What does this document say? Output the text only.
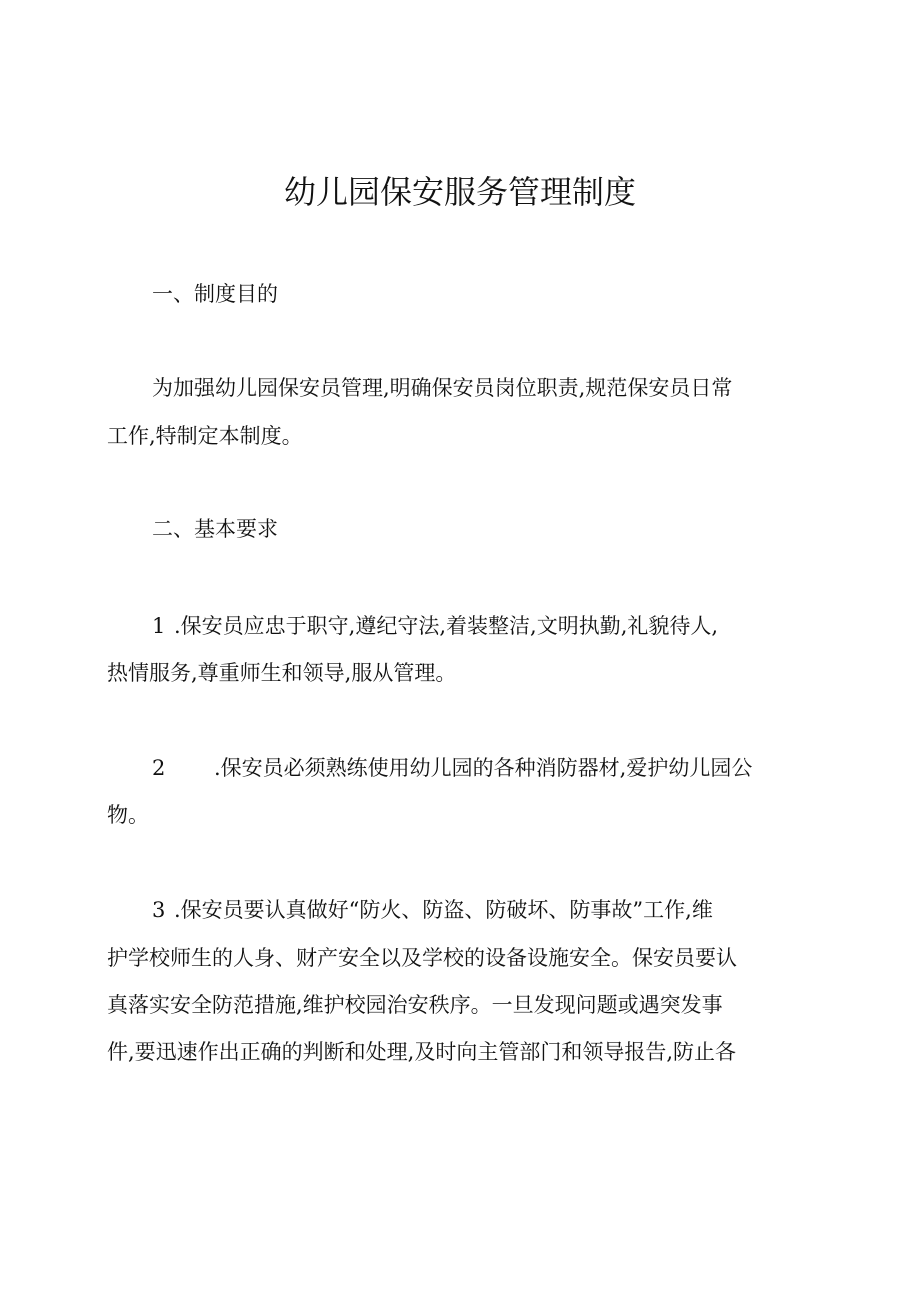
幼儿园保安服务管理制度
一、制度目的
为加强幼儿园保安员管理,明确保安员岗位职责,规范保安员日常
工作,特制定本制度。
二、基本要求
1 .保安员应忠于职守,遵纪守法,着装整洁,文明执勤,礼貌待人,
热情服务,尊重师生和领导,服从管理。
2 .保安员必须熟练使用幼儿园的各种消防器材,爱护幼儿园公
物。
3 .保安员要认真做好“防火、防盗、防破坏、防事故”工作,维
护学校师生的人身、财产安全以及学校的设备设施安全。保安员要认
真落实安全防范措施,维护校园治安秩序。一旦发现问题或遇突发事
件,要迅速作出正确的判断和处理,及时向主管部门和领导报告,防止各
